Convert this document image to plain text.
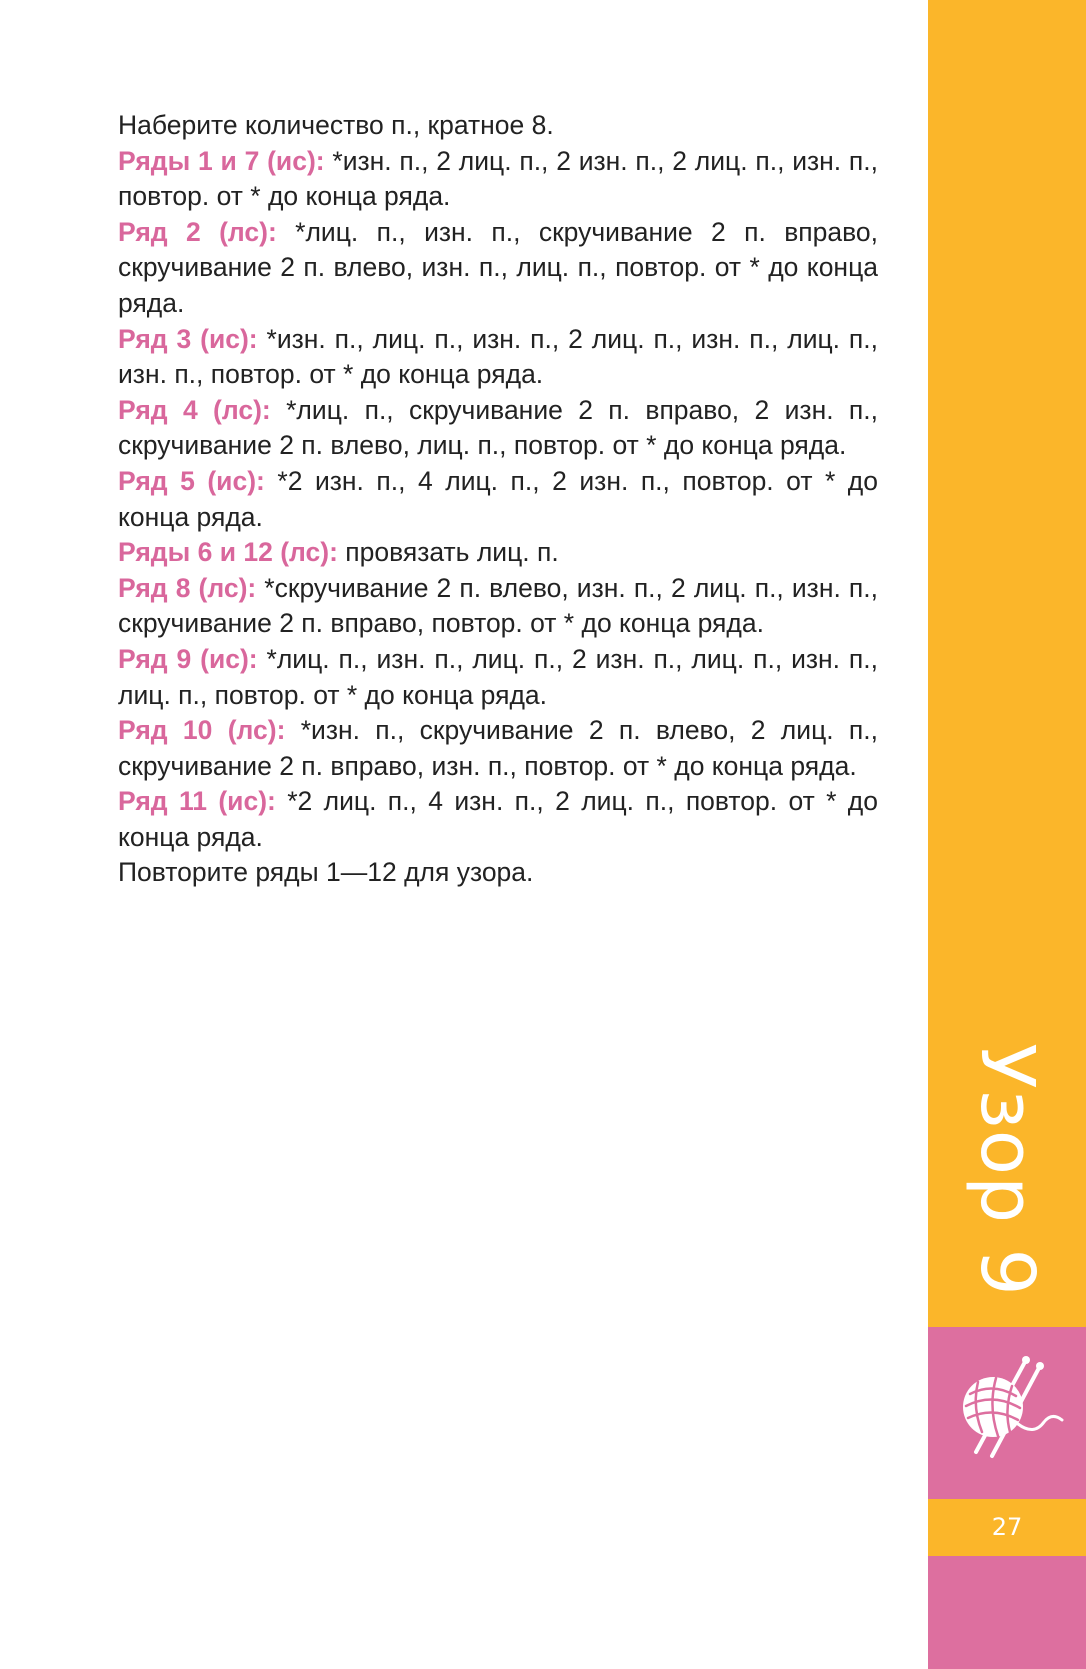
Наберите количество п., кратное 8.

Ряды 1 и 7 (ис): *изн. п., 2 лиц. п., 2 изн. п., 2 лиц. п., изн. п., повтор. от * до конца ряда.

Ряд 2 (лс): *лиц. п., изн. п., скручивание 2 п. вправо, скручивание 2 п. влево, изн. п., лиц. п., повтор. от * до конца ряда.

Ряд 3 (ис): *изн. п., лиц. п., изн. п., 2 лиц. п., изн. п., лиц. п., изн. п., повтор. от * до конца ряда.

Ряд 4 (лс): *лиц. п., скручивание 2 п. вправо, 2 изн. п., скручивание 2 п. влево, лиц. п., повтор. от * до конца ряда.

Ряд 5 (ис): *2 изн. п., 4 лиц. п., 2 изн. п., повтор. от * до конца ряда.

Ряды 6 и 12 (лс): провязать лиц. п.

Ряд 8 (лс): *скручивание 2 п. влево, изн. п., 2 лиц. п., изн. п., скручивание 2 п. вправо, повтор. от * до конца ряда.

Ряд 9 (ис): *лиц. п., изн. п., лиц. п., 2 изн. п., лиц. п., изн. п., лиц. п., повтор. от * до конца ряда.

Ряд 10 (лс): *изн. п., скручивание 2 п. влево, 2 лиц. п., скручивание 2 п. вправо, изн. п., повтор. от * до конца ряда.

Ряд 11 (ис): *2 лиц. п., 4 изн. п., 2 лиц. п., повтор. от * до конца ряда.

Повторите ряды 1—12 для узора.

Узор 9
27
